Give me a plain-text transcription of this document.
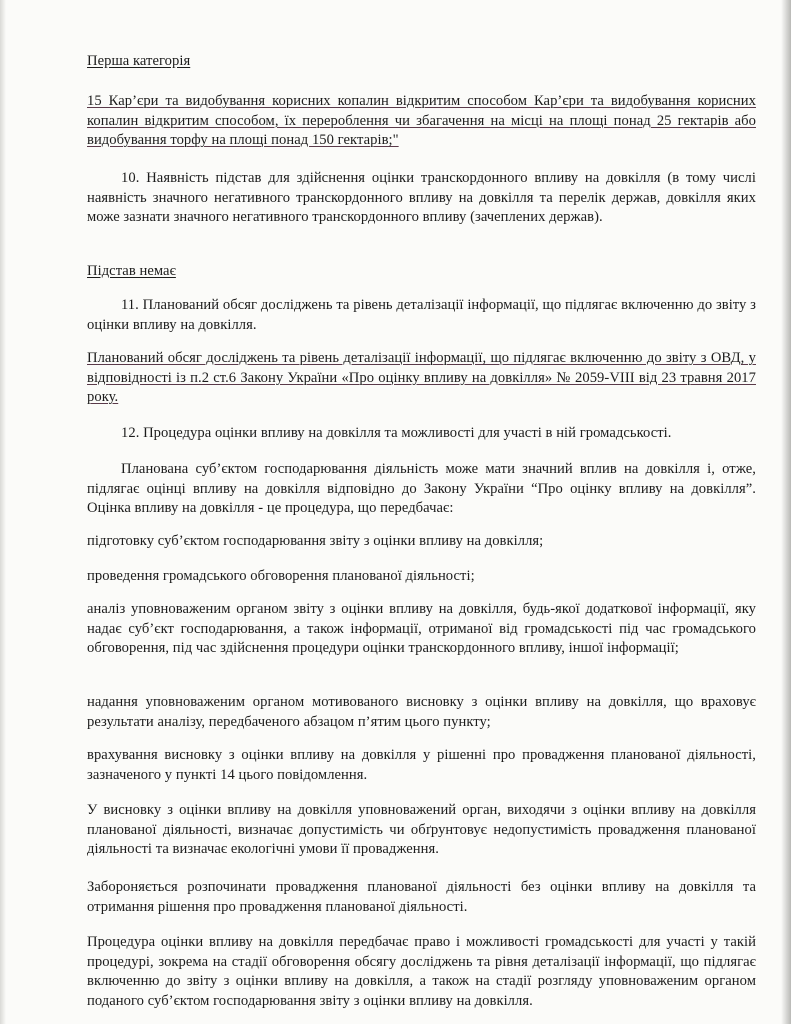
Перша категорія

15 Кар’єри та видобування корисних копалин відкритим способом Кар’єри та видобування корисних копалин відкритим способом, їх перероблення чи збагачення на місці на площі понад 25 гектарів або видобування торфу на площі понад 150 гектарів;"

10. Наявність підстав для здійснення оцінки транскордонного впливу на довкілля (в тому числі наявність значного негативного транскордонного впливу на довкілля та перелік держав, довкілля яких може зазнати значного негативного транскордонного впливу (зачеплених держав).

Підстав немає

11. Планований обсяг досліджень та рівень деталізації інформації, що підлягає включенню до звіту з оцінки впливу на довкілля.

Планований обсяг досліджень та рівень деталізації інформації, що підлягає включенню до звіту з ОВД, у відповідності із п.2 ст.6 Закону України «Про оцінку впливу на довкілля» № 2059-VIII від 23 травня 2017 року.

12. Процедура оцінки впливу на довкілля та можливості для участі в ній громадськості.

Планована суб’єктом господарювання діяльність може мати значний вплив на довкілля і, отже, підлягає оцінці впливу на довкілля відповідно до Закону України “Про оцінку впливу на довкілля”. Оцінка впливу на довкілля - це процедура, що передбачає:

підготовку суб’єктом господарювання звіту з оцінки впливу на довкілля;

проведення громадського обговорення планованої діяльності;

аналіз уповноваженим органом звіту з оцінки впливу на довкілля, будь-якої додаткової інформації, яку надає суб’єкт господарювання, а також інформації, отриманої від громадськості під час громадського обговорення, під час здійснення процедури оцінки транскордонного впливу, іншої інформації;

надання уповноваженим органом мотивованого висновку з оцінки впливу на довкілля, що враховує результати аналізу, передбаченого абзацом п’ятим цього пункту;

врахування висновку з оцінки впливу на довкілля у рішенні про провадження планованої діяльності, зазначеного у пункті 14 цього повідомлення.

У висновку з оцінки впливу на довкілля уповноважений орган, виходячи з оцінки впливу на довкілля планованої діяльності, визначає допустимість чи обґрунтовує недопустимість провадження планованої діяльності та визначає екологічні умови її провадження.

Забороняється розпочинати провадження планованої діяльності без оцінки впливу на довкілля та отримання рішення про провадження планованої діяльності.

Процедура оцінки впливу на довкілля передбачає право і можливості громадськості для участі у такій процедурі, зокрема на стадії обговорення обсягу досліджень та рівня деталізації інформації, що підлягає включенню до звіту з оцінки впливу на довкілля, а також на стадії розгляду уповноваженим органом поданого суб’єктом господарювання звіту з оцінки впливу на довкілля.
